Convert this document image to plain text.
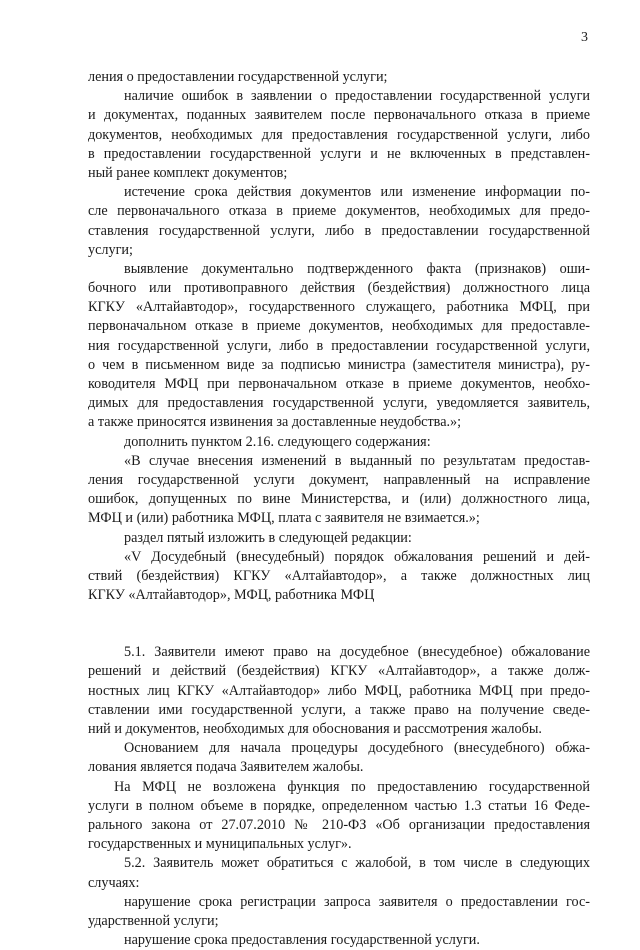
3
ления о предоставлении государственной услуги;
наличие ошибок в заявлении о предоставлении государственной услуги
и документах, поданных заявителем после первоначального отказа в приеме
документов, необходимых для предоставления государственной услуги, либо
в предоставлении государственной услуги и не включенных в представлен-
ный ранее комплект документов;
истечение срока действия документов или изменение информации по-
сле первоначального отказа в приеме документов, необходимых для предо-
ставления государственной услуги, либо в предоставлении государственной
услуги;
выявление документально подтвержденного факта (признаков) оши-
бочного или противоправного действия (бездействия) должностного лица
КГКУ «Алтайавтодор», государственного служащего, работника МФЦ, при
первоначальном отказе в приеме документов, необходимых для предоставле-
ния государственной услуги, либо в предоставлении государственной услуги,
о чем в письменном виде за подписью министра (заместителя министра), ру-
ководителя МФЦ при первоначальном отказе в приеме документов, необхо-
димых для предоставления государственной услуги, уведомляется заявитель,
а также приносятся извинения за доставленные неудобства.»;
дополнить пунктом 2.16. следующего содержания:
«В случае внесения изменений в выданный по результатам предостав-
ления государственной услуги документ, направленный на исправление
ошибок, допущенных по вине Министерства, и (или) должностного лица,
МФЦ и (или) работника МФЦ, плата с заявителя не взимается.»;
раздел пятый изложить в следующей редакции:
«V Досудебный (внесудебный) порядок обжалования решений и дей-
ствий (бездействия) КГКУ «Алтайавтодор», а также должностных лиц
КГКУ «Алтайавтодор», МФЦ, работника МФЦ
5.1. Заявители имеют право на досудебное (внесудебное) обжалование
решений и действий (бездействия) КГКУ «Алтайавтодор», а также долж-
ностных лиц КГКУ «Алтайавтодор» либо МФЦ, работника МФЦ при предо-
ставлении ими государственной услуги, а также право на получение сведе-
ний и документов, необходимых для обоснования и рассмотрения жалобы.
Основанием для начала процедуры досудебного (внесудебного) обжа-
лования является подача Заявителем жалобы.
На МФЦ не возложена функция по предоставлению государственной
услуги в полном объеме в порядке, определенном частью 1.3 статьи 16 Феде-
рального закона от 27.07.2010 № 210-ФЗ «Об организации предоставления
государственных и муниципальных услуг».
5.2. Заявитель может обратиться с жалобой, в том числе в следующих
случаях:
нарушение срока регистрации запроса заявителя о предоставлении гос-
ударственной услуги;
нарушение срока предоставления государственной услуги.
